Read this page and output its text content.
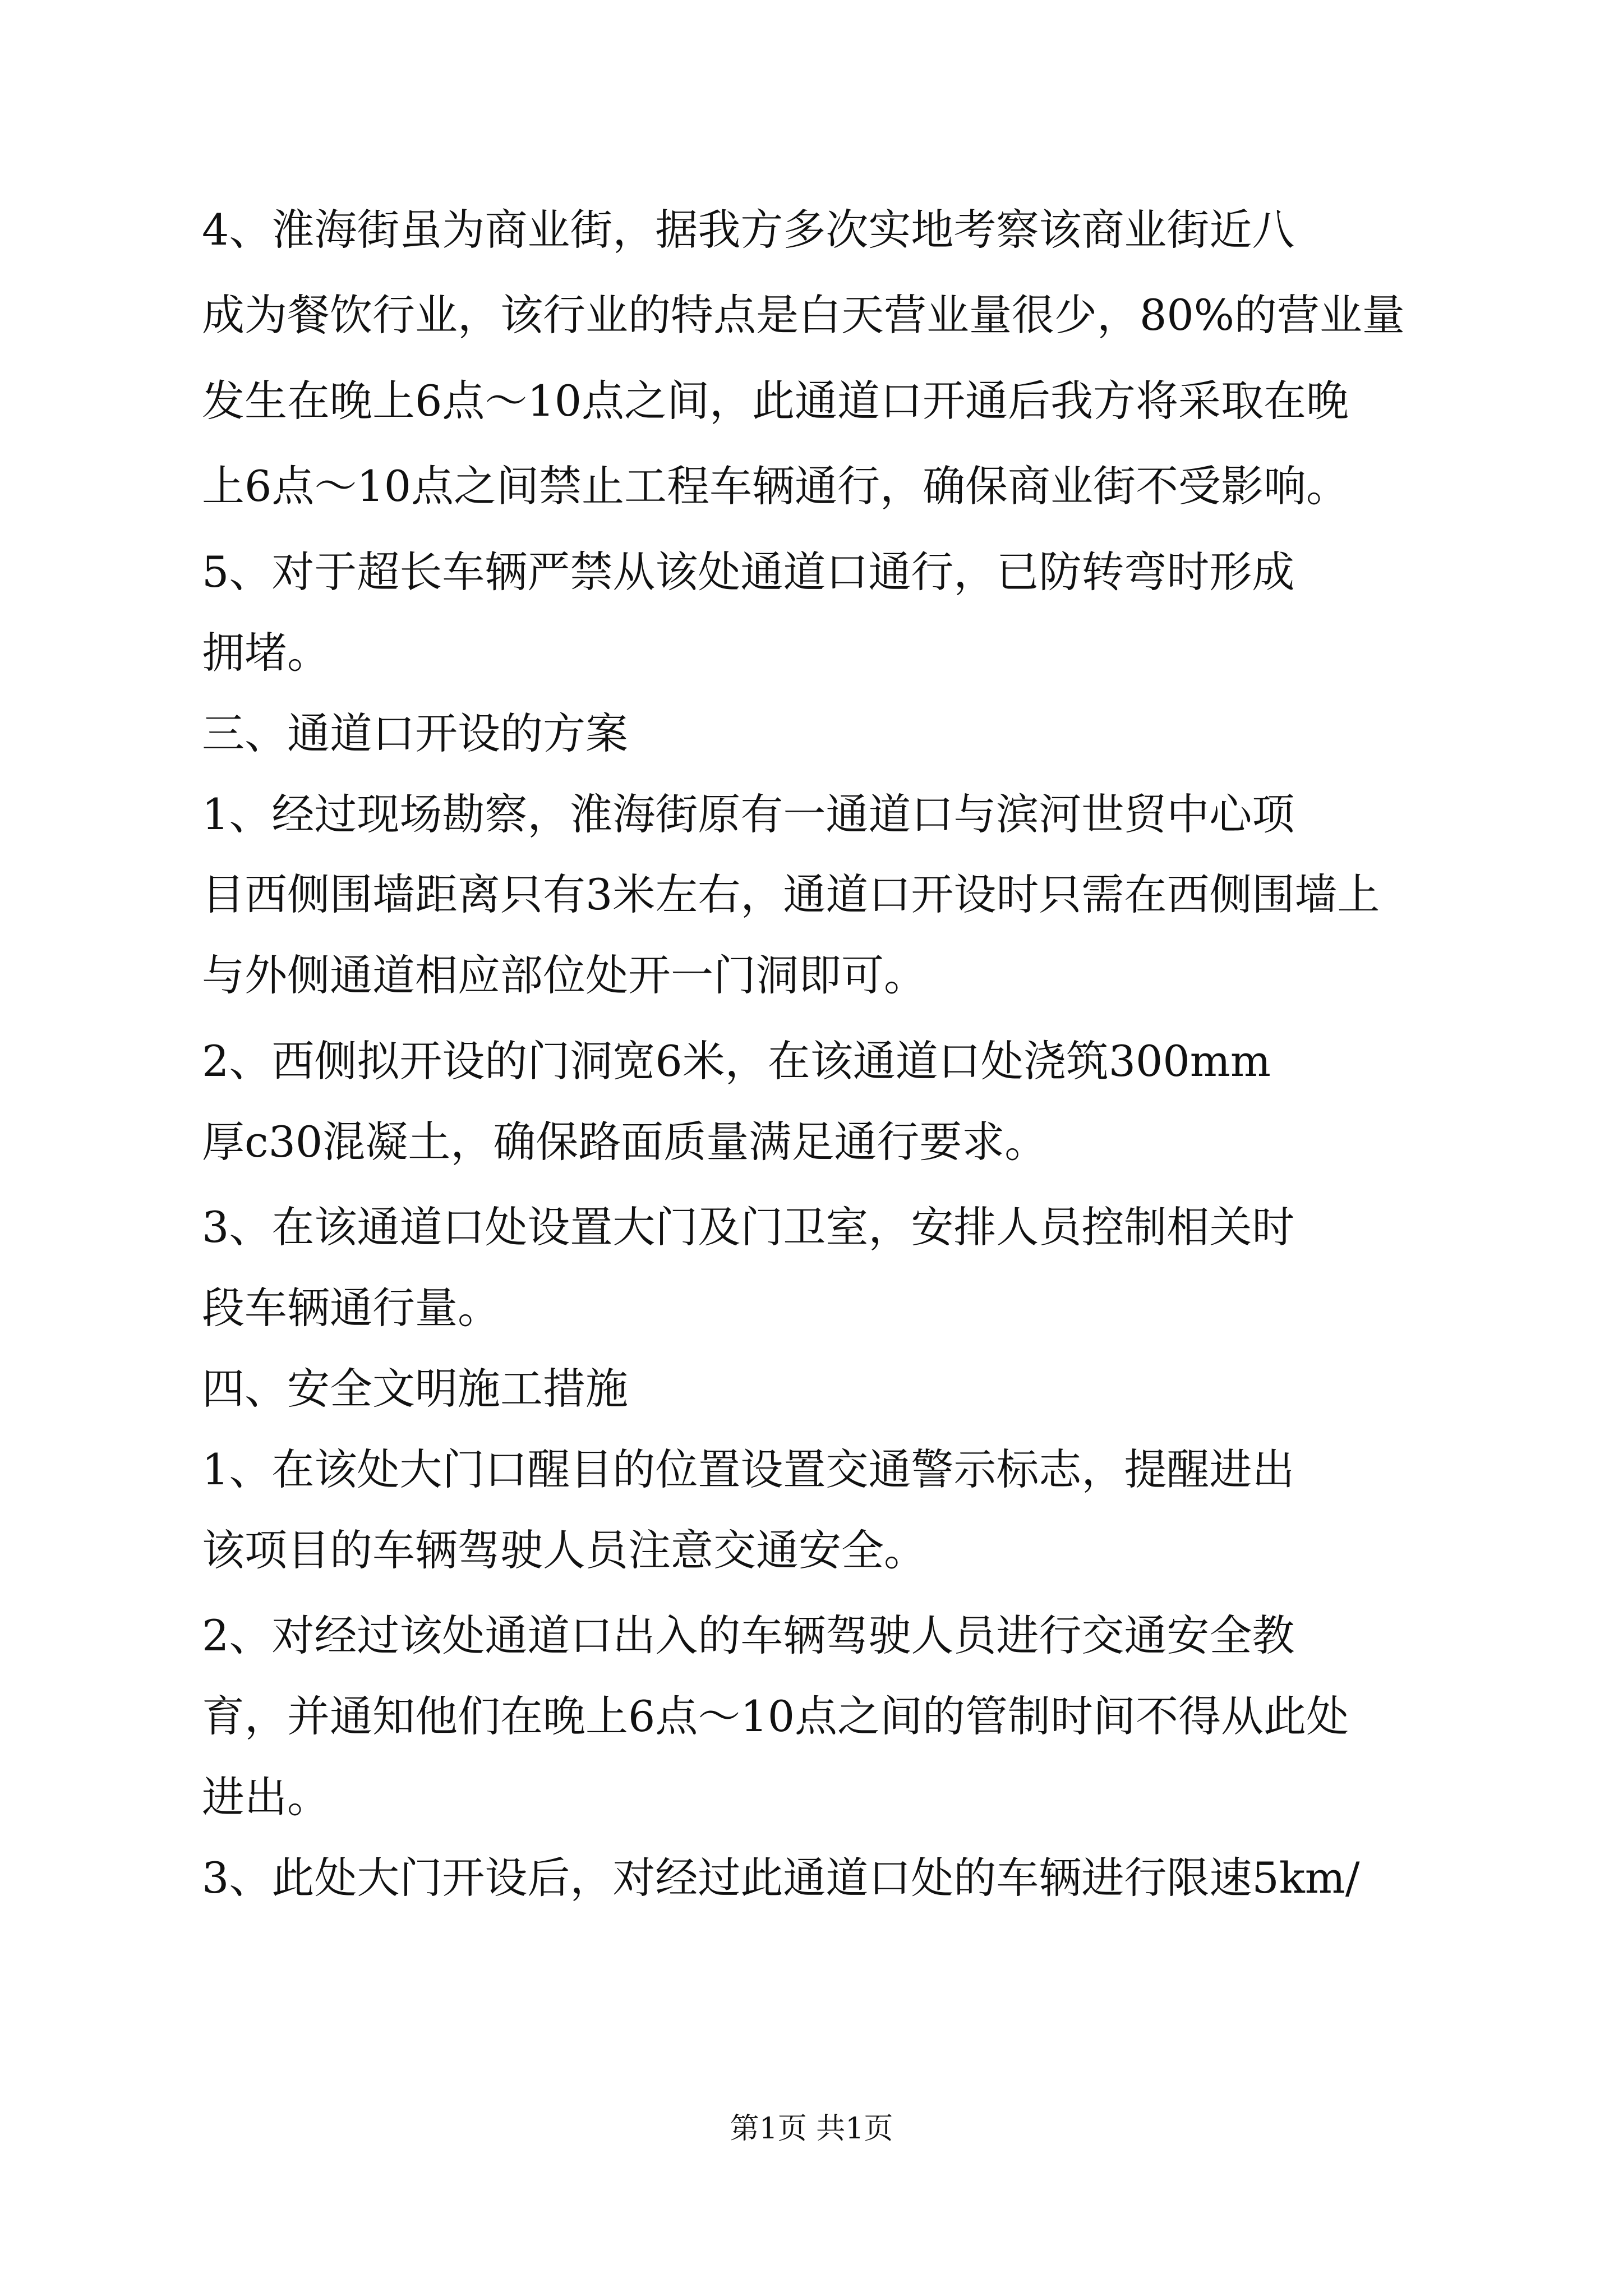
4、淮海街虽为商业街，据我方多次实地考察该商业街近八
成为餐饮行业，该行业的特点是白天营业量很少，80%的营业量
发生在晚上6点～10点之间，此通道口开通后我方将采取在晚
上6点～10点之间禁止工程车辆通行，确保商业街不受影响。
5、对于超长车辆严禁从该处通道口通行，已防转弯时形成
拥堵。
三、通道口开设的方案
1、经过现场勘察，淮海街原有一通道口与滨河世贸中心项
目西侧围墙距离只有3米左右，通道口开设时只需在西侧围墙上
与外侧通道相应部位处开一门洞即可。
2、西侧拟开设的门洞宽6米，在该通道口处浇筑300mm
厚c30混凝土，确保路面质量满足通行要求。
3、在该通道口处设置大门及门卫室，安排人员控制相关时
段车辆通行量。
四、安全文明施工措施
1、在该处大门口醒目的位置设置交通警示标志，提醒进出
该项目的车辆驾驶人员注意交通安全。
2、对经过该处通道口出入的车辆驾驶人员进行交通安全教
育，并通知他们在晚上6点～10点之间的管制时间不得从此处
进出。
3、此处大门开设后，对经过此通道口处的车辆进行限速5km/
第1页 共1页
